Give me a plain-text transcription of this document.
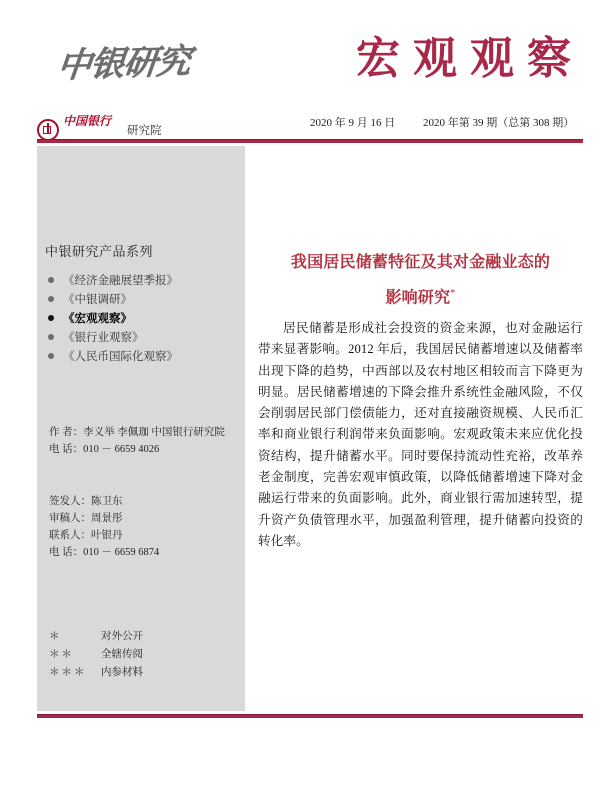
中银研究	宏观观察
中国银行

研究院
2020 年 9 月 16 日	2020 年第 39 期（总第 308 期）
中银研究产品系列
《经济金融展望季报》
《中银调研》
《宏观观察》
《银行业观察》
《人民币国际化观察》
作 者：李义举 李佩珈 中国银行研究院
电 话：010 － 6659 4026
签发人：陈卫东
审稿人：周景彤
联系人：叶银丹
电 话：010 － 6659 6874
＊	对外公开
＊＊	全辖传阅
＊＊＊	内参材料
我国居民储蓄特征及其对金融业态的
影响研究*
居民储蓄是形成社会投资的资金来源，也对金融运行带来显著影响。2012 年后，我国居民储蓄增速以及储蓄率出现下降的趋势，中西部以及农村地区相较而言下降更为明显。居民储蓄增速的下降会推升系统性金融风险，不仅会削弱居民部门偿债能力，还对直接融资规模、人民币汇率和商业银行利润带来负面影响。宏观政策未来应优化投资结构，提升储蓄水平。同时要保持流动性充裕，改革养老金制度，完善宏观审慎政策，以降低储蓄增速下降对金融运行带来的负面影响。此外，商业银行需加速转型，提升资产负债管理水平，加强盈利管理，提升储蓄向投资的转化率。
